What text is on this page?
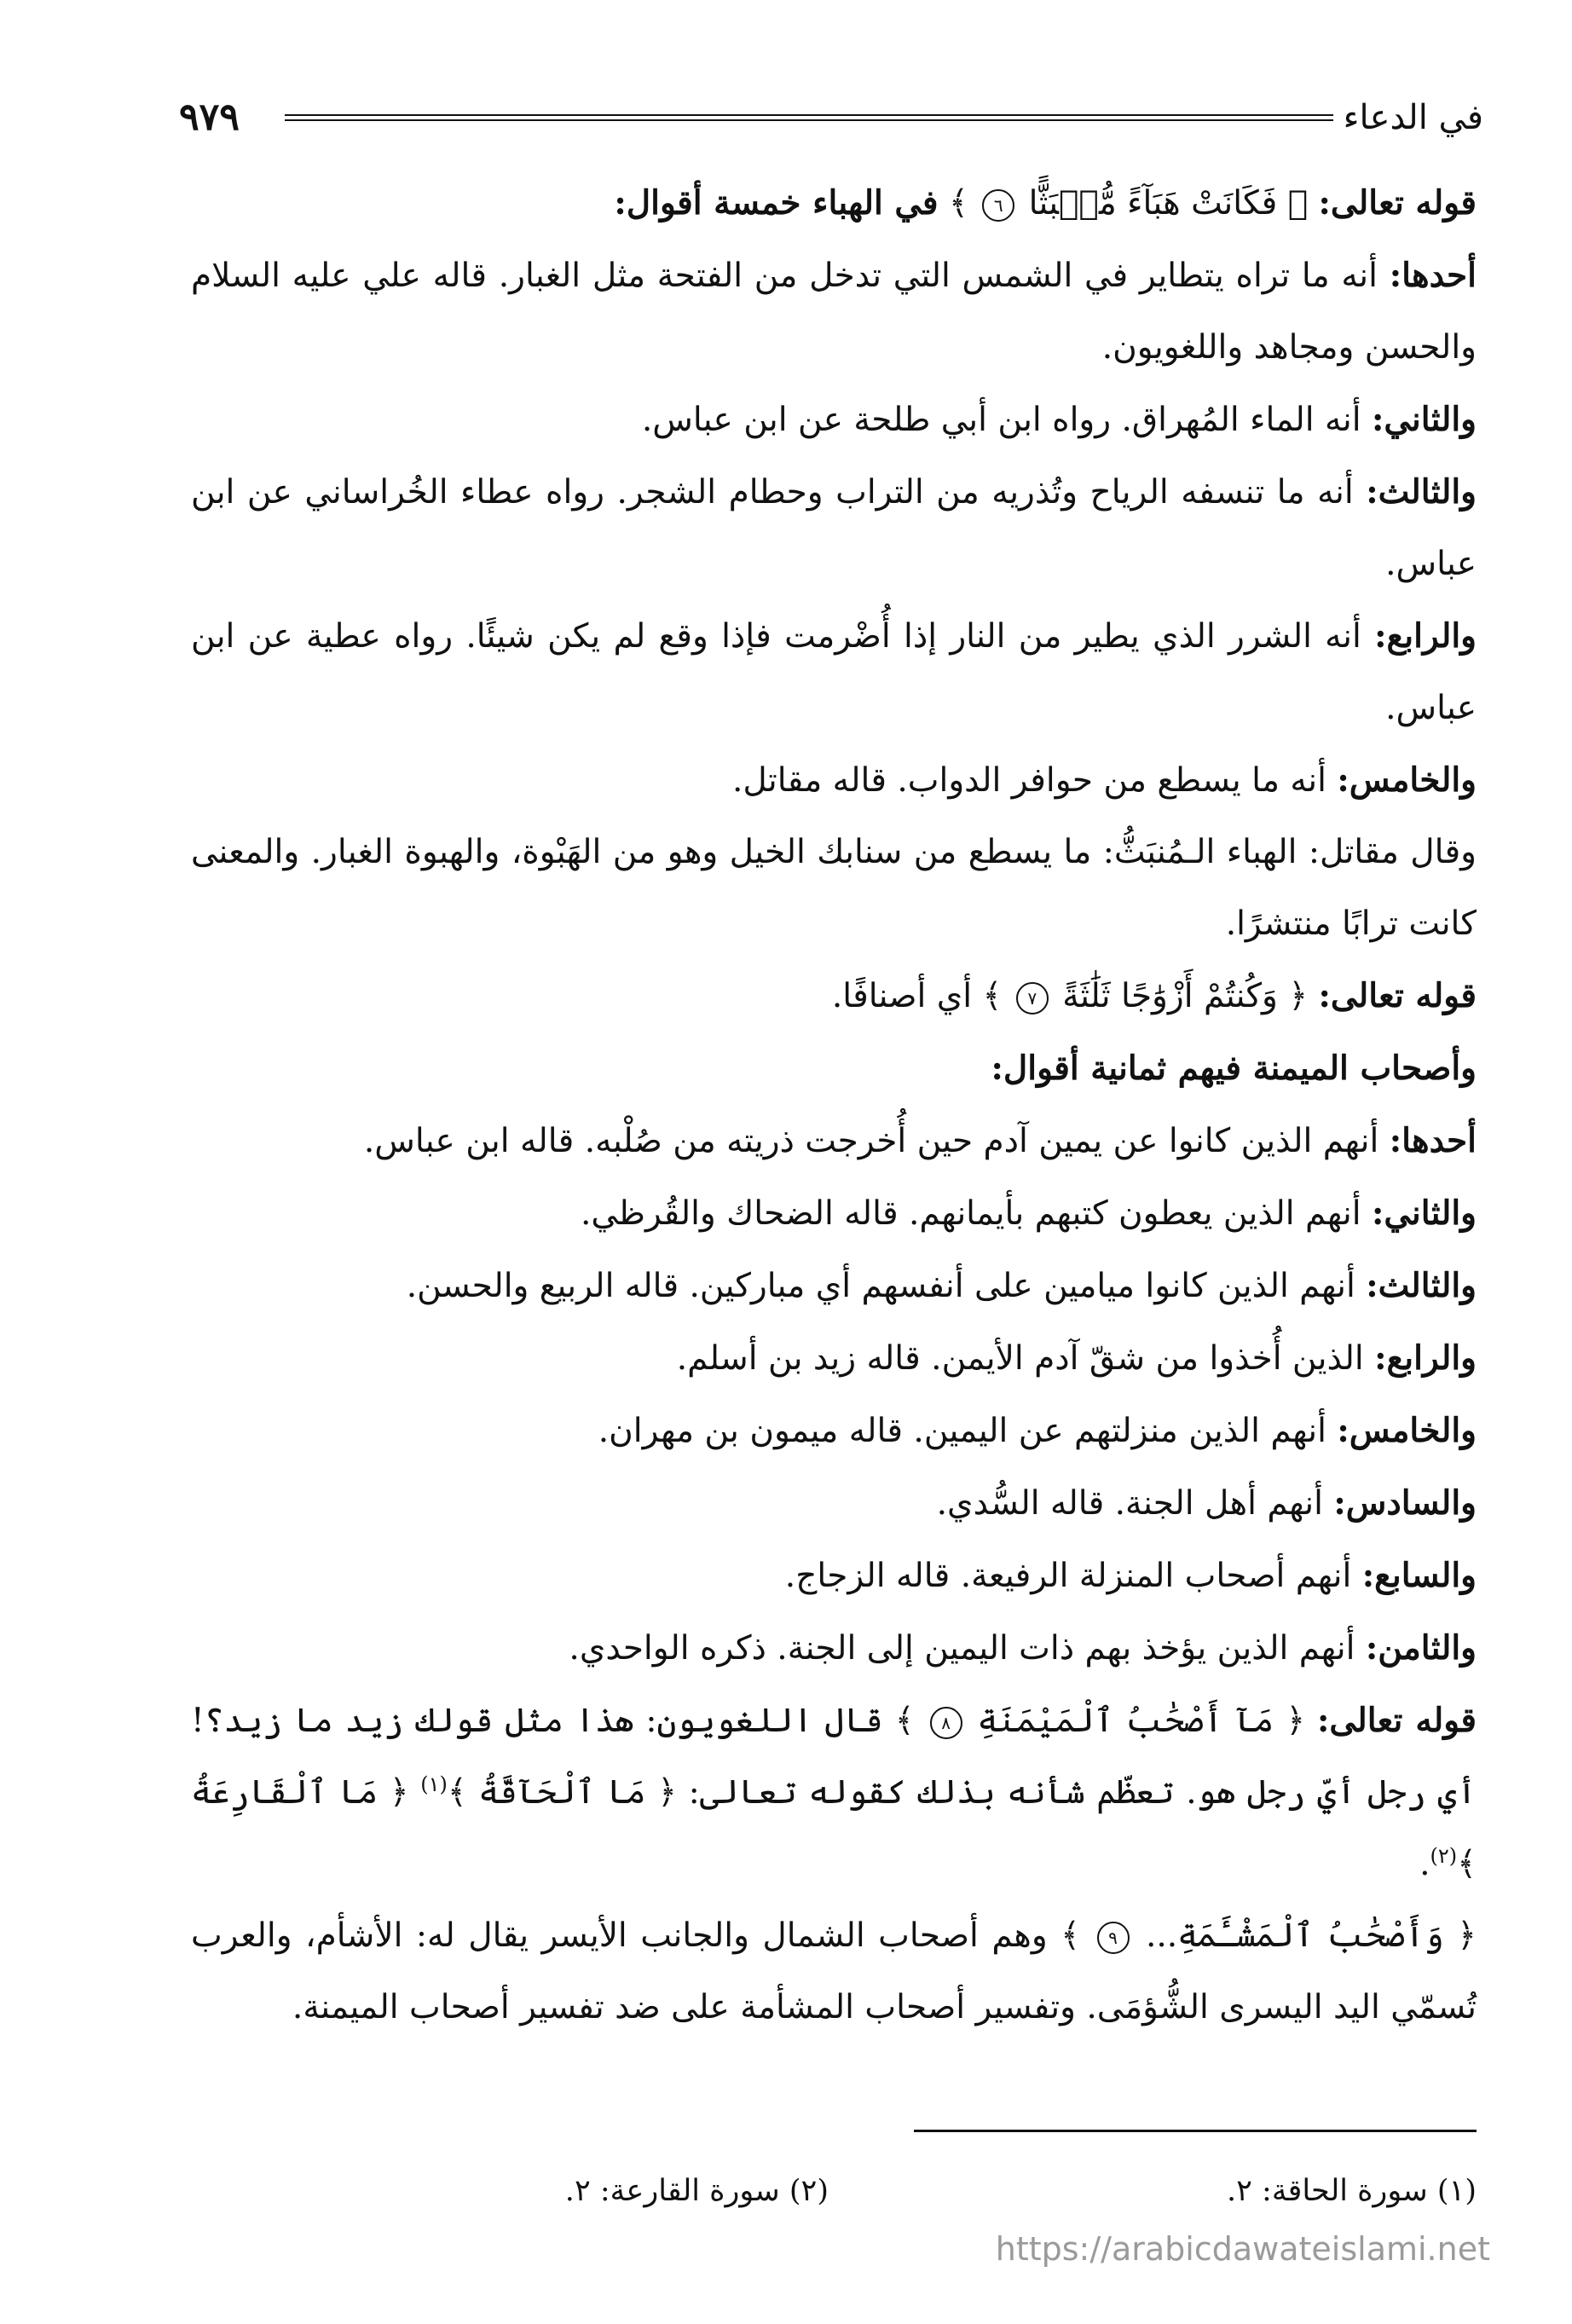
في الدعاء
٩٧٩

قوله تعالى: ﴿ فَكَانَتْ هَبَآءً مُّنۢبَثًّا ٦ ﴾ في الهباء خمسة أقوال:

أحدها: أنه ما تراه يتطاير في الشمس التي تدخل من الفتحة مثل الغبار. قاله علي عليه السلام والحسن ومجاهد واللغويون.

والثاني: أنه الماء المُهراق. رواه ابن أبي طلحة عن ابن عباس.

والثالث: أنه ما تنسفه الرياح وتُذريه من التراب وحطام الشجر. رواه عطاء الخُراساني عن ابن عباس.

والرابع: أنه الشرر الذي يطير من النار إذا أُضْرمت فإذا وقع لم يكن شيئًا. رواه عطية عن ابن عباس.

والخامس: أنه ما يسطع من حوافر الدواب. قاله مقاتل.

وقال مقاتل: الهباء الـمُنبَثُّ: ما يسطع من سنابك الخيل وهو من الهَبْوة، والهبوة الغبار. والمعنى كانت ترابًا منتشرًا.

قوله تعالى: ﴿ وَكُنتُمْ أَزْوَٰجًا ثَلَٰثَةً ٧ ﴾ أي أصنافًا.

وأصحاب الميمنة فيهم ثمانية أقوال:

أحدها: أنهم الذين كانوا عن يمين آدم حين أُخرجت ذريته من صُلْبه. قاله ابن عباس.

والثاني: أنهم الذين يعطون كتبهم بأيمانهم. قاله الضحاك والقُرظي.

والثالث: أنهم الذين كانوا ميامين على أنفسهم أي مباركين. قاله الربيع والحسن.

والرابع: الذين أُخذوا من شقّ آدم الأيمن. قاله زيد بن أسلم.

والخامس: أنهم الذين منزلتهم عن اليمين. قاله ميمون بن مهران.

والسادس: أنهم أهل الجنة. قاله السُّدي.

والسابع: أنهم أصحاب المنزلة الرفيعة. قاله الزجاج.

والثامن: أنهم الذين يؤخذ بهم ذات اليمين إلى الجنة. ذكره الواحدي.

قوله تعالى: ﴿ مَآ أَصْحَٰبُ ٱلْمَيْمَنَةِ ٨ ﴾ قال اللغويون: هذا مثل قولك زيد ما زيد؟! أي رجل أيّ رجل هو. تعظّم شأنه بذلك كقوله تعالى: ﴿ مَا ٱلْحَآقَّةُ ﴾$^{(١)}$ ﴿ مَا ٱلْقَارِعَةُ ﴾$^{(٢)}$.

﴿ وَأَصْحَٰبُ ٱلْمَشْـَٔمَةِ... ٩ ﴾ وهم أصحاب الشمال والجانب الأيسر يقال له: الأشأم، والعرب تُسمّي اليد اليسرى الشُّؤمَى. وتفسير أصحاب المشأمة على ضد تفسير أصحاب الميمنة.

(١) سورة الحاقة: ٢.
(٢) سورة القارعة: ٢.
https://arabicdawateislami.net
